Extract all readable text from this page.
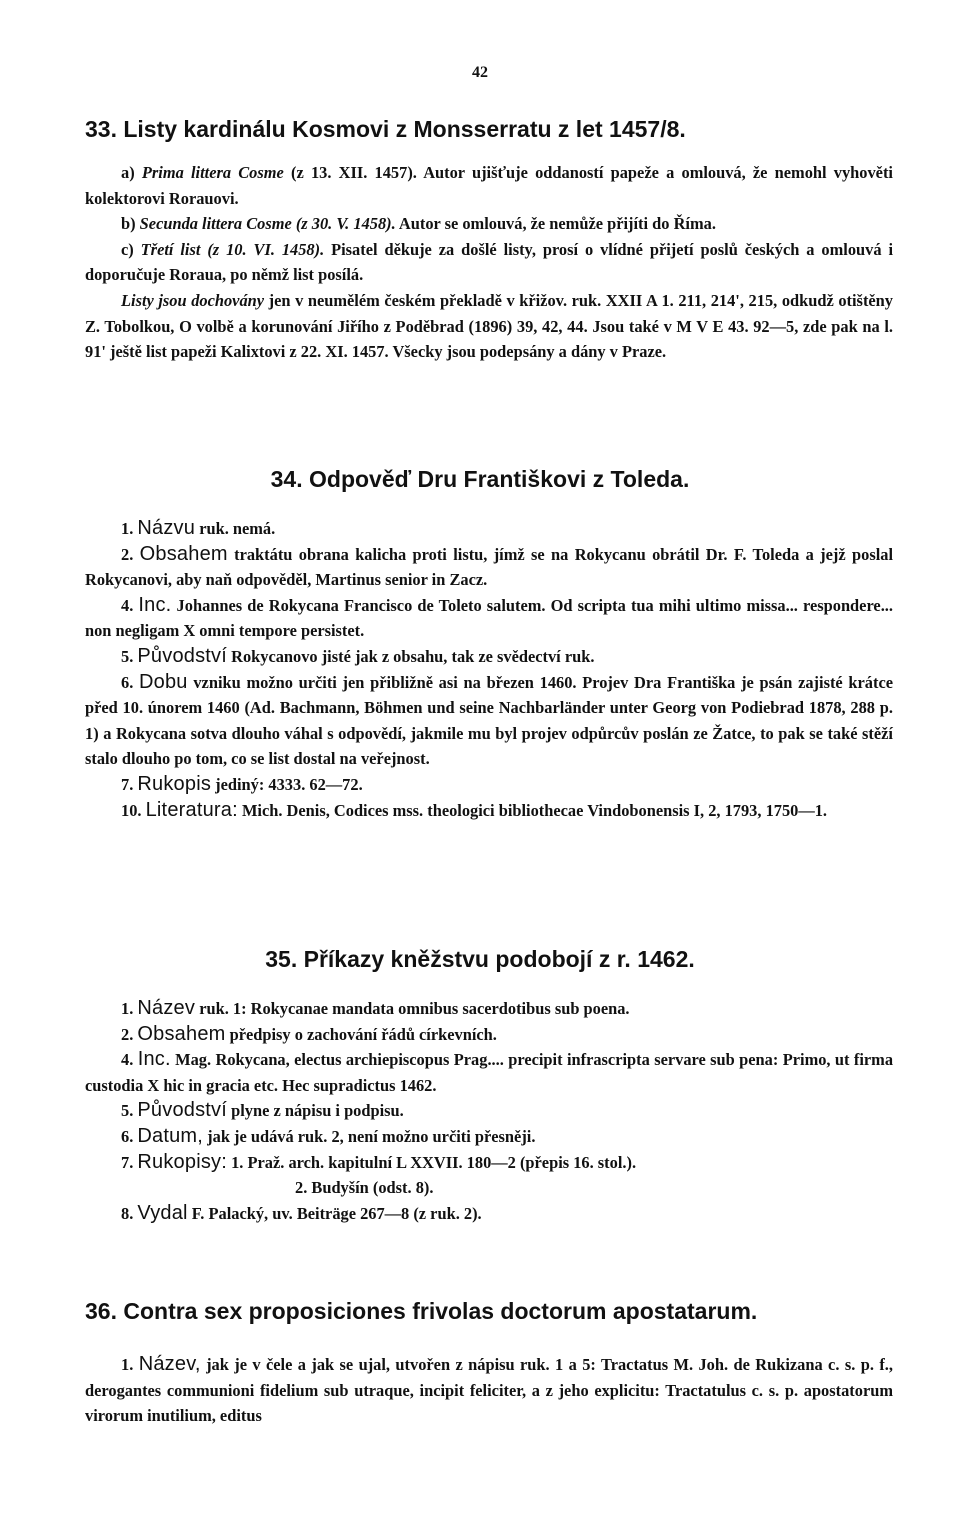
42
33. Listy kardinálu Kosmovi z Monsserratu z let 1457/8.

a) Prima littera Cosme (z 13. XII. 1457). Autor ujišťuje oddaností papeže a omlouvá, že nemohl vyhověti kolektorovi Rorauovi.

b) Secunda littera Cosme (z 30. V. 1458). Autor se omlouvá, že nemůže přijíti do Říma.

c) Třetí list (z 10. VI. 1458). Pisatel děkuje za došlé listy, prosí o vlídné přijetí poslů českých a omlouvá i doporučuje Roraua, po němž list posílá.

Listy jsou dochovány jen v neumělém českém překladě v křižov. ruk. XXII A 1. 211, 214', 215, odkudž otištěny Z. Tobolkou, O volbě a korunování Jiřího z Poděbrad (1896) 39, 42, 44. Jsou také v M V E 43. 92—5, zde pak na l. 91' ještě list papeži Kalixtovi z 22. XI. 1457. Všecky jsou podepsány a dány v Praze.

34. Odpověď Dru Františkovi z Toleda.

1. Názvu ruk. nemá.

2. Obsahem traktátu obrana kalicha proti listu, jímž se na Rokycanu obrátil Dr. F. Toleda a jejž poslal Rokycanovi, aby naň odpověděl, Martinus senior in Zacz.

4. Inc. Johannes de Rokycana Francisco de Toleto salutem. Od scripta tua mihi ultimo missa... respondere... non negligam X omni tempore persistet.

5. Původství Rokycanovo jisté jak z obsahu, tak ze svědectví ruk.

6. Dobu vzniku možno určiti jen přibližně asi na březen 1460. Projev Dra Františka je psán zajisté krátce před 10. únorem 1460 (Ad. Bachmann, Böhmen und seine Nachbarländer unter Georg von Podiebrad 1878, 288 p. 1) a Rokycana sotva dlouho váhal s odpovědí, jakmile mu byl projev odpůrcův poslán ze Žatce, to pak se také stěží stalo dlouho po tom, co se list dostal na veřejnost.

7. Rukopis jediný: 4333. 62—72.

10. Literatura: Mich. Denis, Codices mss. theologici bibliothecae Vindobonensis I, 2, 1793, 1750—1.

35. Příkazy kněžstvu podobojí z r. 1462.

1. Název ruk. 1: Rokycanae mandata omnibus sacerdotibus sub poena.

2. Obsahem předpisy o zachování řádů církevních.

4. Inc. Mag. Rokycana, electus archiepiscopus Prag.... precipit infrascripta servare sub pena: Primo, ut firma custodia X hic in gracia etc. Hec supradictus 1462.

5. Původství plyne z nápisu i podpisu.

6. Datum, jak je udává ruk. 2, není možno určiti přesněji.

7. Rukopisy: 1. Praž. arch. kapitulní L XXVII. 180—2 (přepis 16. stol.).

2. Budyšín (odst. 8).

8. Vydal F. Palacký, uv. Beiträge 267—8 (z ruk. 2).

36. Contra sex proposiciones frivolas doctorum apostatarum.

1. Název, jak je v čele a jak se ujal, utvořen z nápisu ruk. 1 a 5: Tractatus M. Joh. de Rukizana c. s. p. f., derogantes communioni fidelium sub utraque, incipit feliciter, a z jeho explicitu: Tractatulus c. s. p. apostatorum virorum inutilium, editus
